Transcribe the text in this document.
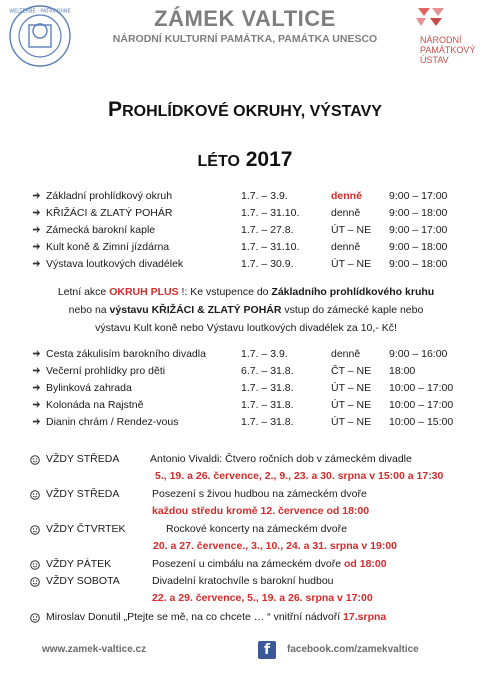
WELTERBE · PATRIMOINE	ZÁMEK VALTICE
NÁRODNÍ KULTURNÍ PAMÁTKA, PAMÁTKA UNESCO	NÁRODNÍ
PAMÁTKOVÝ
ÚSTAV
PROHLÍDKOVÉ OKRUHY, VÝSTAVY
LÉTO 2017
Základní prohlídkový okruh	1.7. – 3.9.	denně	9:00 – 17:00
KŘIŽÁCI & ZLATÝ POHÁR	1.7. – 31.10.	denně	9:00 – 18:00
Zámecká barokní kaple	1.7. – 27.8.	ÚT – NE 9:00 – 17:00
Kult koně & Zimní jízdárna	1.7. – 31.10.	denně	9:00 – 18:00
Výstava loutkových divadélek	1.7. – 30.9.	ÚT – NE 9:00 – 18:00
Letní akce OKRUH PLUS !: Ke vstupence do Základního prohlídkového kruhu
nebo na výstavu KŘIŽÁCI & ZLATÝ POHÁR vstup do zámecké kaple nebo
výstavu Kult koně nebo Výstavu loutkových divadélek za 10,- Kč!
Cesta zákulisím barokního divadla	1.7. – 3.9.	denně	9:00 – 16:00
Večerní prohlídky pro děti	6.7. – 31.8.	ČT – NE 18:00
Bylinková zahrada	1.7. – 31.8.	ÚT – NE 10:00 – 17:00
Kolonáda na Rajstně	1.7. – 31.8.	ÚT – NE 10:00 – 17:00
Dianin chrám / Rendez-vous	1.7. – 31.8.	ÚT – NE 10:00 – 15:00
VŽDY STŘEDA	Antonio Vivaldi: Čtvero ročních dob v zámeckém divadle
5., 19. a 26. července, 2., 9., 23. a 30. srpna v 15:00 a 17:30
VŽDY STŘEDA	Posezení s živou hudbou na zámeckém dvoře
každou středu kromě 12. července od 18:00
VŽDY ČTVRTEK	Rockové koncerty na zámeckém dvoře
20. a 27. července., 3., 10., 24. a 31. srpna v 19:00
VŽDY PÁTEK	Posezení u cimbálu na zámeckém dvoře od 18:00
VŽDY SOBOTA	Divadelní kratochvíle s barokní hudbou
22. a 29. července, 5., 19. a 26. srpna v 17:00
Miroslav Donutil „Ptejte se mě, na co chcete … “ vnitřní nádvoří 17.srpna
www.zamek-valtice.cz	f facebook.com/zamekvaltice
